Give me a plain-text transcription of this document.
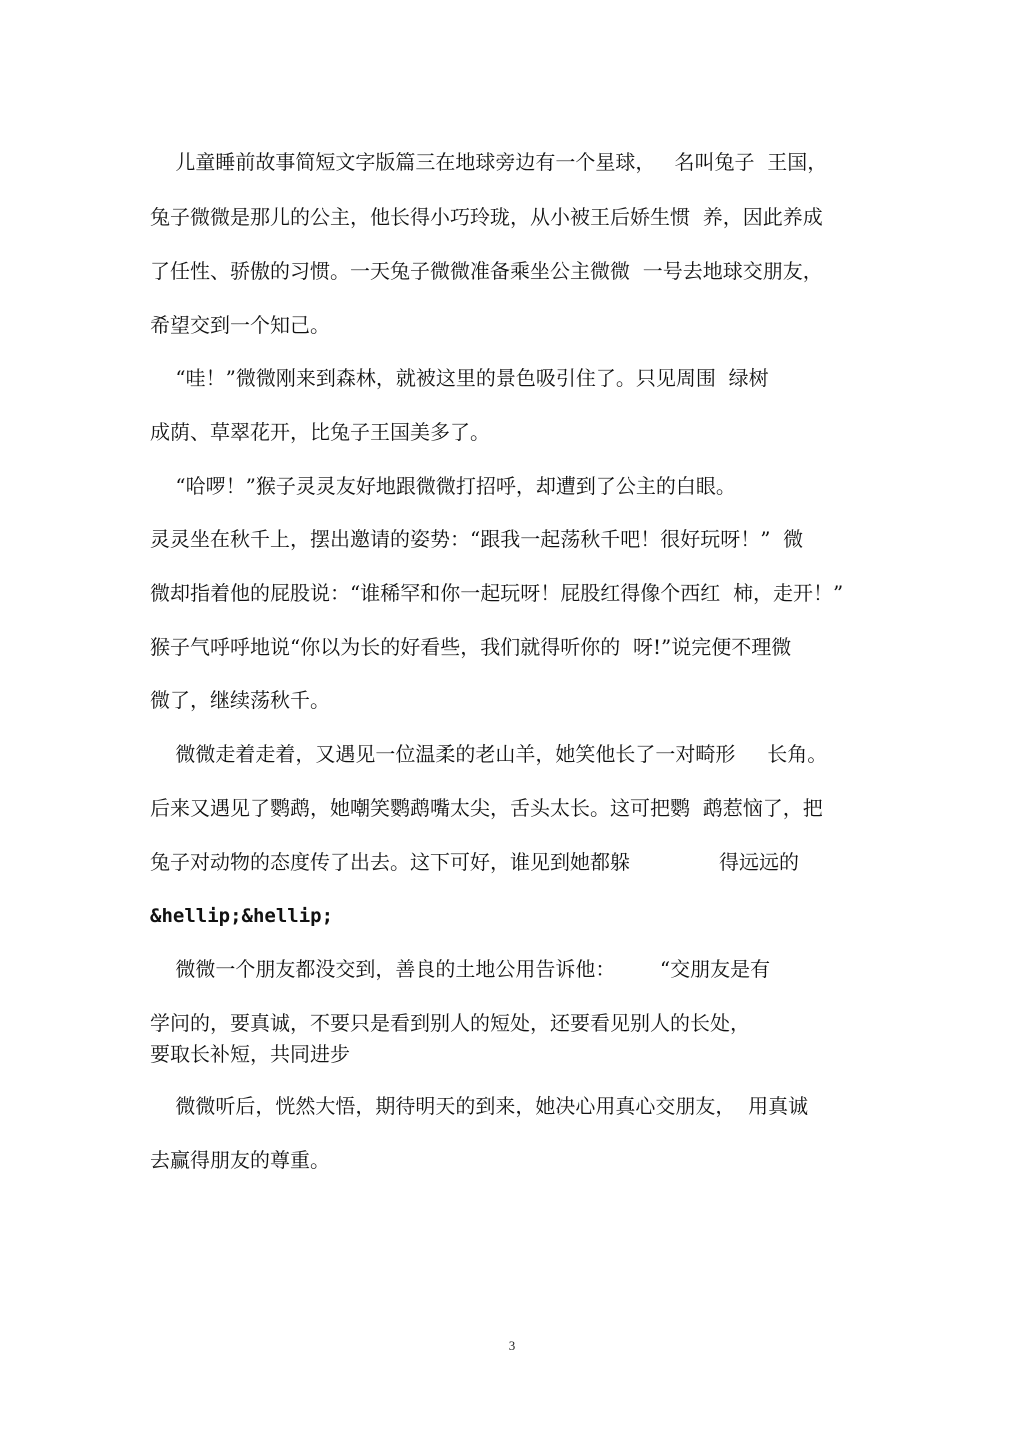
儿童睡前故事简短文字版篇三在地球旁边有一个星球，   名叫兔子  王国，
兔子微微是那儿的公主，他长得小巧玲珑，从小被王后娇生惯  养，因此养成
了任性、骄傲的习惯。一天兔子微微准备乘坐公主微微  一号去地球交朋友，
希望交到一个知己。
“哇！”微微刚来到森林，就被这里的景色吸引住了。只见周围  绿树
成荫、草翠花开，比兔子王国美多了。
“哈啰！”猴子灵灵友好地跟微微打招呼，却遭到了公主的白眼。
灵灵坐在秋千上，摆出邀请的姿势：“跟我一起荡秋千吧！很好玩呀！”  微
微却指着他的屁股说：“谁稀罕和你一起玩呀！屁股红得像个西红  柿，走开！”
猴子气呼呼地说“你以为长的好看些，我们就得听你的  呀!”说完便不理微
微了，继续荡秋千。
微微走着走着，又遇见一位温柔的老山羊，她笑他长了一对畸形     长角。
后来又遇见了鹦鹉，她嘲笑鹦鹉嘴太尖，舌头太长。这可把鹦  鹉惹恼了，把
兔子对动物的态度传了出去。这下可好，谁见到她都躲              得远远的
&hellip;&hellip;
微微一个朋友都没交到，善良的土地公用告诉他：       “交朋友是有
学问的，要真诚，不要只是看到别人的短处，还要看见别人的长处，
要取长补短，共同进步
微微听后，恍然大悟，期待明天的到来，她决心用真心交朋友，  用真诚
去赢得朋友的尊重。
3
